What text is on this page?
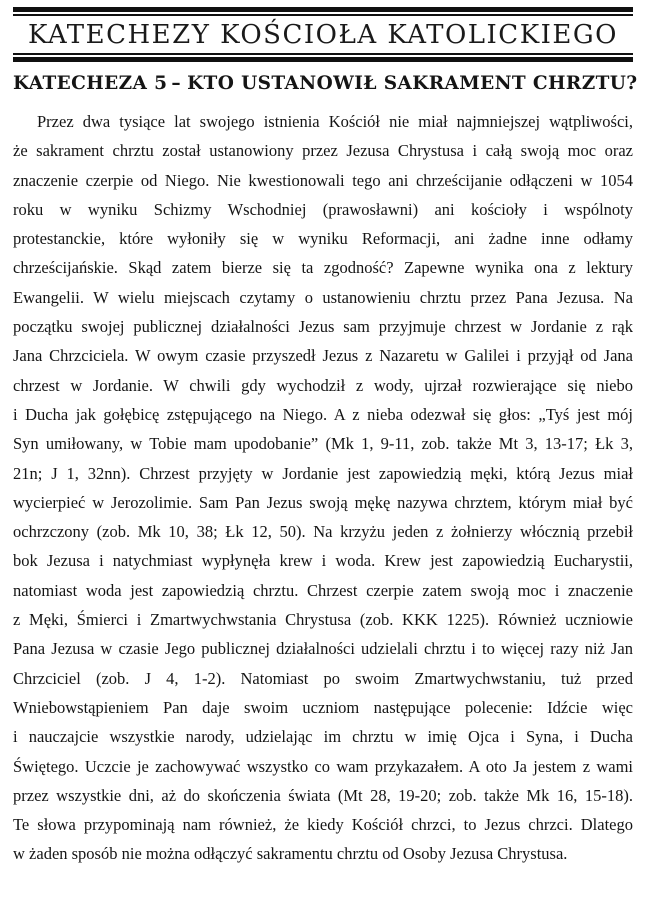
KATECHEZY KOŚCIOŁA KATOLICKIEGO
KATECHEZA 5 – KTO USTANOWIŁ SAKRAMENT CHRZTU?
Przez dwa tysiące lat swojego istnienia Kościół nie miał najmniejszej wątpliwości,
że sakrament chrztu został ustanowiony przez Jezusa Chrystusa i całą swoją moc oraz
znaczenie czerpie od Niego. Nie kwestionowali tego ani chrześcijanie odłączeni w 1054
roku w wyniku Schizmy Wschodniej (prawosławni) ani kościoły i wspólnoty
protestanckie, które wyłoniły się w wyniku Reformacji, ani żadne inne odłamy
chrześcijańskie. Skąd zatem bierze się ta zgodność? Zapewne wynika ona z lektury
Ewangelii. W wielu miejscach czytamy o ustanowieniu chrztu przez Pana Jezusa. Na
początku swojej publicznej działalności Jezus sam przyjmuje chrzest w Jordanie z rąk
Jana Chrzciciela. W owym czasie przyszedł Jezus z Nazaretu w Galilei i przyjął od Jana
chrzest w Jordanie. W chwili gdy wychodził z wody, ujrzał rozwierające się niebo
i Ducha jak gołębicę zstępującego na Niego. A z nieba odezwał się głos: „Tyś jest mój
Syn umiłowany, w Tobie mam upodobanie” (Mk 1, 9-11, zob. także Mt 3, 13-17; Łk 3,
21n; J 1, 32nn). Chrzest przyjęty w Jordanie jest zapowiedzią męki, którą Jezus miał
wycierpieć w Jerozolimie. Sam Pan Jezus swoją mękę nazywa chrztem, którym miał być
ochrzczony (zob. Mk 10, 38; Łk 12, 50). Na krzyżu jeden z żołnierzy włócznią przebił
bok Jezusa i natychmiast wypłynęła krew i woda. Krew jest zapowiedzią Eucharystii,
natomiast woda jest zapowiedzią chrztu. Chrzest czerpie zatem swoją moc i znaczenie
z Męki, Śmierci i Zmartwychwstania Chrystusa (zob. KKK 1225). Również uczniowie
Pana Jezusa w czasie Jego publicznej działalności udzielali chrztu i to więcej razy niż Jan
Chrzciciel (zob. J 4, 1-2). Natomiast po swoim Zmartwychwstaniu, tuż przed
Wniebowstąpieniem Pan daje swoim uczniom następujące polecenie: Idźcie więc
i nauczajcie wszystkie narody, udzielając im chrztu w imię Ojca i Syna, i Ducha
Świętego. Uczcie je zachowywać wszystko co wam przykazałem. A oto Ja jestem z wami
przez wszystkie dni, aż do skończenia świata (Mt 28, 19-20; zob. także Mk 16, 15-18).
Te słowa przypominają nam również, że kiedy Kościół chrzci, to Jezus chrzci. Dlatego
w żaden sposób nie można odłączyć sakramentu chrztu od Osoby Jezusa Chrystusa.
